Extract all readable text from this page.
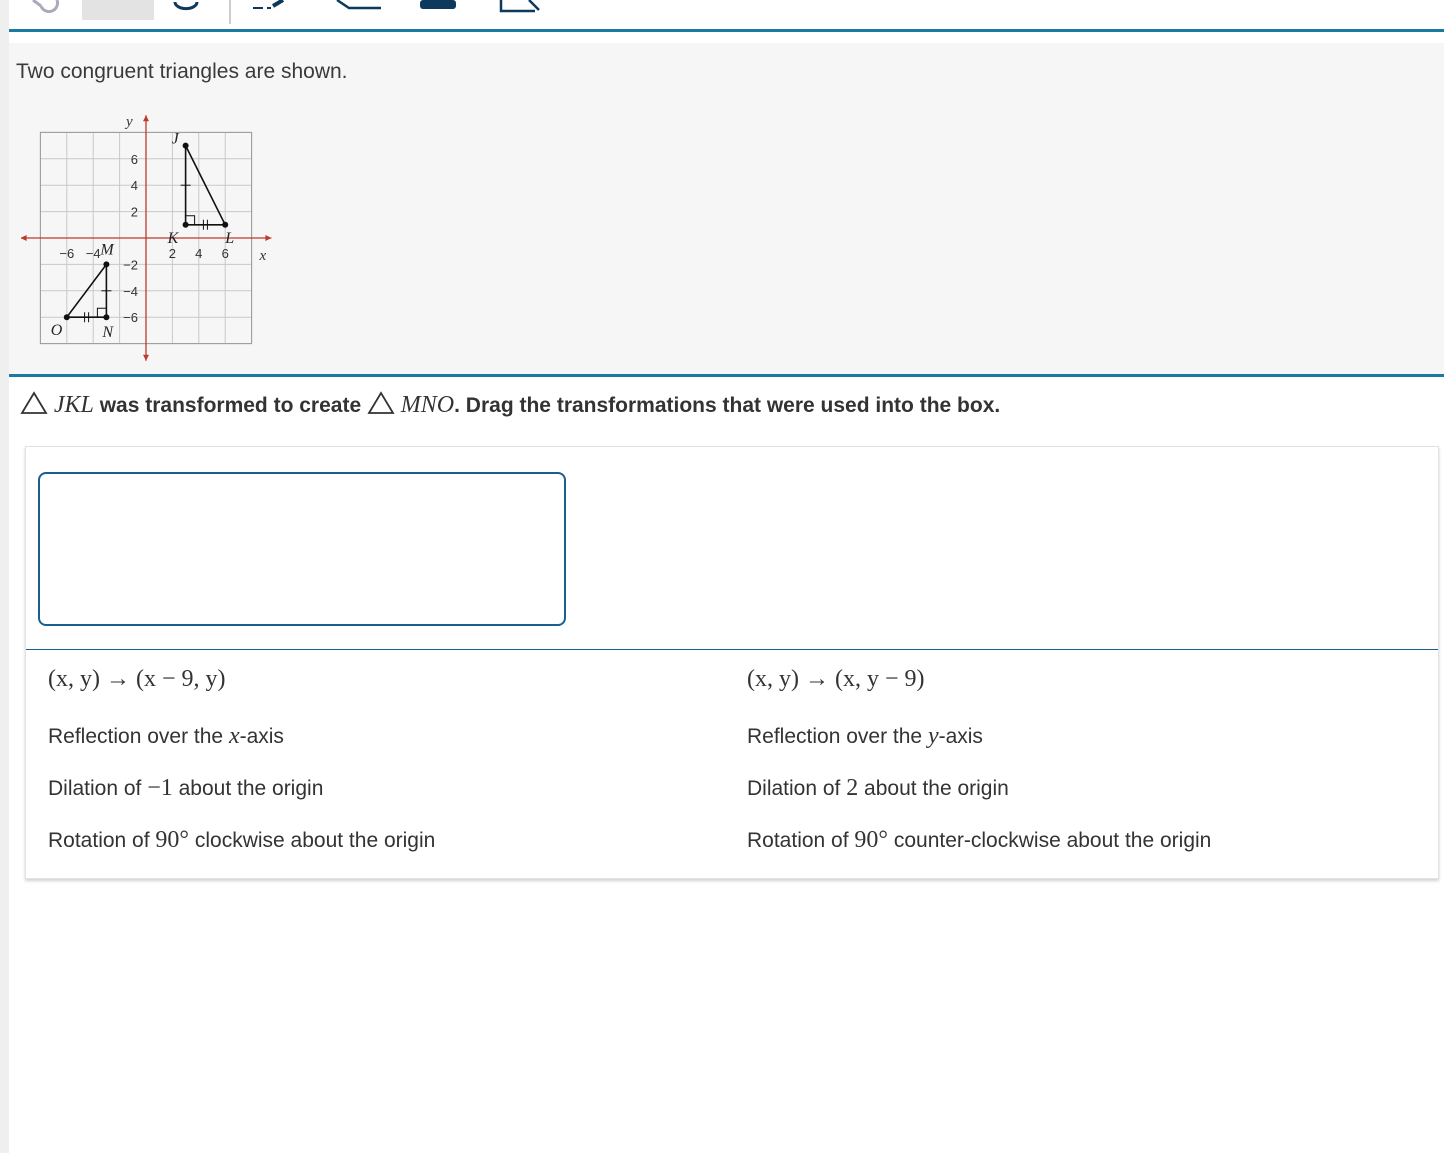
Two congruent triangles are shown.
−6 −4	2 4 6
6
4
2
−2
−4
−6
x
y
J
K	L
M
N
O
JKL was transformed to create  MNO. Drag the transformations that were used into the box.
(x, y) → (x − 9, y)	(x, y) → (x, y − 9)
Reflection over the x-axis	Reflection over the y-axis
Dilation of −1 about the origin	Dilation of 2 about the origin
Rotation of 90° clockwise about the origin	Rotation of 90° counter-clockwise about the origin
